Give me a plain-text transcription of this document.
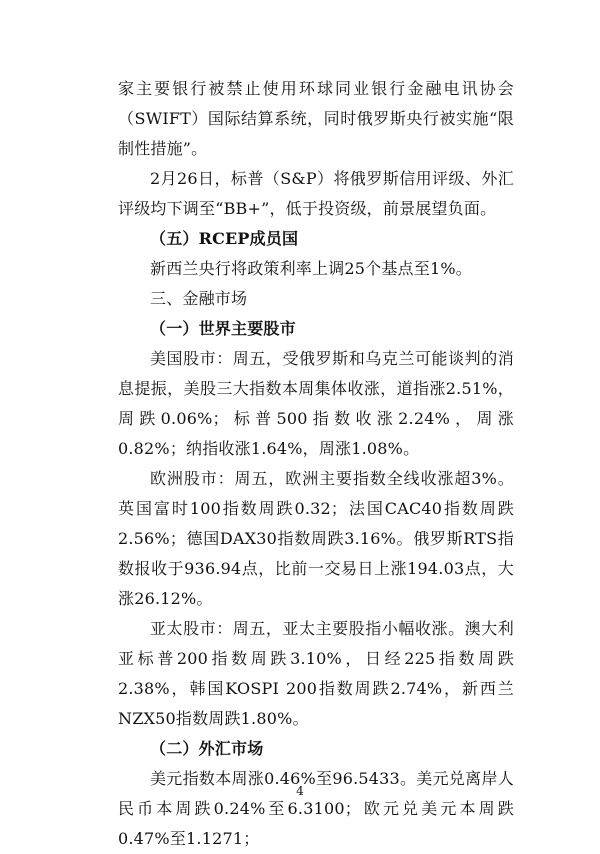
家主要银行被禁止使用环球同业银行金融电讯协会（SWIFT）国际结算系统，同时俄罗斯央行被实施“限制性措施”。

2月26日，标普（S&P）将俄罗斯信用评级、外汇评级均下调至“BB+”，低于投资级，前景展望负面。

（五）RCEP成员国

新西兰央行将政策利率上调25个基点至1%。

三、金融市场

（一）世界主要股市

美国股市：周五，受俄罗斯和乌克兰可能谈判的消息提振，美股三大指数本周集体收涨，道指涨2.51%，周跌0.06%；标普500指数收涨2.24%，周涨0.82%；纳指收涨1.64%，周涨1.08%。

欧洲股市：周五，欧洲主要指数全线收涨超3%。英国富时100指数周跌0.32；法国CAC40指数周跌2.56%；德国DAX30指数周跌3.16%。俄罗斯RTS指数报收于936.94点，比前一交易日上涨194.03点，大涨26.12%。

亚太股市：周五，亚太主要股指小幅收涨。澳大利亚标普200指数周跌3.10%，日经225指数周跌2.38%，韩国KOSPI 200指数周跌2.74%，新西兰NZX50指数周跌1.80%。

（二）外汇市场

美元指数本周涨0.46%至96.5433。美元兑离岸人民币本周跌0.24%至6.3100；欧元兑美元本周跌0.47%至1.1271；

4
